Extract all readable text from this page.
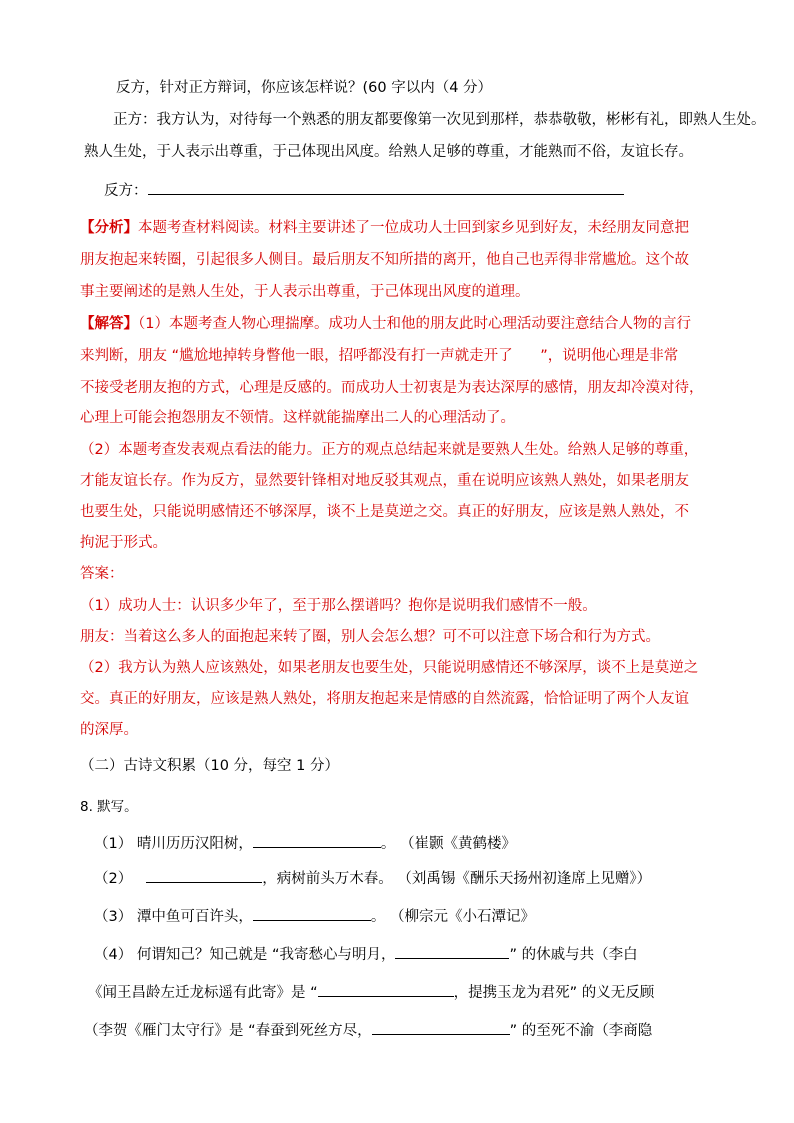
反方，针对正方辩词，你应该怎样说？(60 字以内（4 分）
正方：我方认为，对待每一个熟悉的朋友都要像第一次见到那样，恭恭敬敬，彬彬有礼，即熟人生处。
熟人生处，于人表示出尊重，于己体现出风度。给熟人足够的尊重，才能熟而不俗，友谊长存。
反方：
【分析】本题考查材料阅读。材料主要讲述了一位成功人士回到家乡见到好友，未经朋友同意把
朋友抱起来转圈，引起很多人侧目。最后朋友不知所措的离开，他自己也弄得非常尴尬。这个故
事主要阐述的是熟人生处，于人表示出尊重，于己体现出风度的道理。
【解答】（1）本题考查人物心理揣摩。成功人士和他的朋友此时心理活动要注意结合人物的言行
来判断，朋友 “尴尬地掉转身瞥他一眼，招呼都没有打一声就走开了      ”，说明他心理是非常
不接受老朋友抱的方式，心理是反感的。而成功人士初衷是为表达深厚的感情，朋友却冷漠对待，
心理上可能会抱怨朋友不领情。这样就能揣摩出二人的心理活动了。
（2）本题考查发表观点看法的能力。正方的观点总结起来就是要熟人生处。给熟人足够的尊重，
才能友谊长存。作为反方，显然要针锋相对地反驳其观点，重在说明应该熟人熟处，如果老朋友
也要生处，只能说明感情还不够深厚，谈不上是莫逆之交。真正的好朋友，应该是熟人熟处，不
拘泥于形式。
答案：
（1）成功人士：认识多少年了，至于那么摆谱吗？抱你是说明我们感情不一般。
朋友：当着这么多人的面抱起来转了圈，别人会怎么想？可不可以注意下场合和行为方式。
（2）我方认为熟人应该熟处，如果老朋友也要生处，只能说明感情还不够深厚，谈不上是莫逆之
交。真正的好朋友，应该是熟人熟处，将朋友抱起来是情感的自然流露，恰恰证明了两个人友谊
的深厚。
（二）古诗文积累（10 分，每空 1 分）
8. 默写。
（1） 晴川历历汉阳树，	。 （崔颢《黄鹤楼》
（2）	，病树前头万木春。 （刘禹锡《酬乐天扬州初逢席上见赠》）
（3） 潭中鱼可百许头，	。 （柳宗元《小石潭记》
（4） 何谓知己？知己就是 “我寄愁心与明月，	” 的休戚与共（李白
《闻王昌龄左迁龙标遥有此寄》是 “	，提携玉龙为君死” 的义无反顾
（李贺《雁门太守行》是 “春蚕到死丝方尽，	” 的至死不渝（李商隐
